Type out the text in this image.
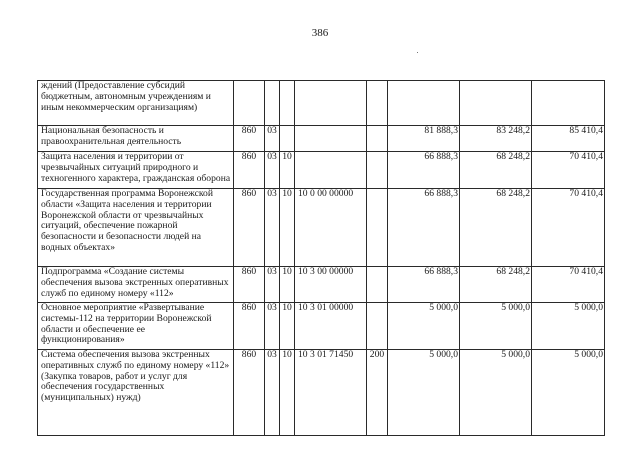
386
ждений (Предоставление субсидий бюджетным, автономным учреждениям и иным некоммерческим организациям)								
Национальная безопасность и правоохранительная деятельность	860	03				81 888,3	83 248,2	85 410,4
Защита населения и территории от чрезвычайных ситуаций природного и техногенного характера, гражданская оборона	860	03	10			66 888,3	68 248,2	70 410,4
Государственная программа Воронежской области «Защита населения и территории Воронежской области от чрезвычайных ситуаций, обеспечение пожарной безопасности и безопасности людей на водных объектах»	860	03	10	10 0 00 00000		66 888,3	68 248,2	70 410,4
Подпрограмма «Создание системы обеспечения вызова экстренных оперативных служб по единому номеру «112»	860	03	10	10 3 00 00000		66 888,3	68 248,2	70 410,4
Основное мероприятие «Развертывание системы-112 на территории Воронежской области и обеспечение ее функционирования»	860	03	10	10 3 01 00000		5 000,0	5 000,0	5 000,0
Система обеспечения вызова экстренных оперативных служб по единому номеру «112» (Закупка товаров, работ и услуг для обеспечения государственных (муниципальных) нужд)	860	03	10	10 3 01 71450	200	5 000,0	5 000,0	5 000,0
